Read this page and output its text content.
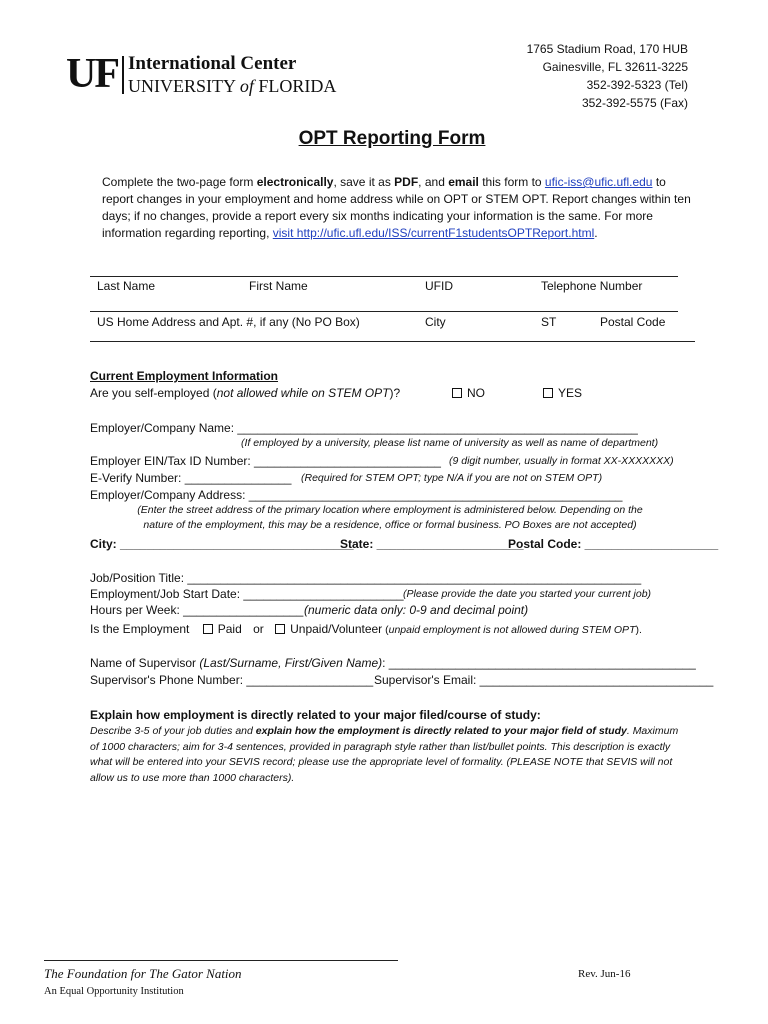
UF International Center
UNIVERSITY of FLORIDA
1765 Stadium Road, 170 HUB
Gainesville, FL 32611-3225
352-392-5323 (Tel)
352-392-5575 (Fax)
OPT Reporting Form
Complete the two-page form electronically, save it as PDF, and email this form to ufic-iss@ufic.ufl.edu to report changes in your employment and home address while on OPT or STEM OPT. Report changes within ten days; if no changes, provide a report every six months indicating your information is the same. For more information regarding reporting, visit http://ufic.ufl.edu/ISS/currentF1studentsOPTReport.html.
Last Name	First Name	UFID	Telephone Number
US Home Address and Apt. #, if any (No PO Box)	City	ST	Postal Code
Current Employment Information
Are you self-employed (not allowed while on STEM OPT)?	NO	YES
Employer/Company Name: ____________________________________________________________
(If employed by a university, please list name of university as well as name of department)
Employer EIN/Tax ID Number: ____________________________ (9 digit number, usually in format XX-XXXXXXX)
E-Verify Number: ________________ (Required for STEM OPT; type N/A if you are not on STEM OPT)
Employer/Company Address: ________________________________________________________
(Enter the street address of the primary location where employment is administered below. Depending on the
nature of the employment, this may be a residence, office or formal business. PO Boxes are not accepted)
City: ___________________________________
State: ______________________
Postal Code: ____________________
Job/Position Title: ____________________________________________________________________
Employment/Job Start Date: ________________________ (Please provide the date you started your current job)
Hours per Week: __________________ (numeric data only: 0-9 and decimal point)
Is the Employment Paid or Unpaid/Volunteer (unpaid employment is not allowed during STEM OPT).
Name of Supervisor (Last/Surname, First/Given Name): ______________________________________________
Supervisor's Phone Number: ___________________ Supervisor's Email: ___________________________________
Explain how employment is directly related to your major filed/course of study:
Describe 3-5 of your job duties and explain how the employment is directly related to your major field of study. Maximum of 1000 characters; aim for 3-4 sentences, provided in paragraph style rather than list/bullet points. This description is exactly what will be entered into your SEVIS record; please use the appropriate level of formality. (PLEASE NOTE that SEVIS will not allow us to use more than 1000 characters).
The Foundation for The Gator Nation
An Equal Opportunity Institution
Rev. Jun-16
